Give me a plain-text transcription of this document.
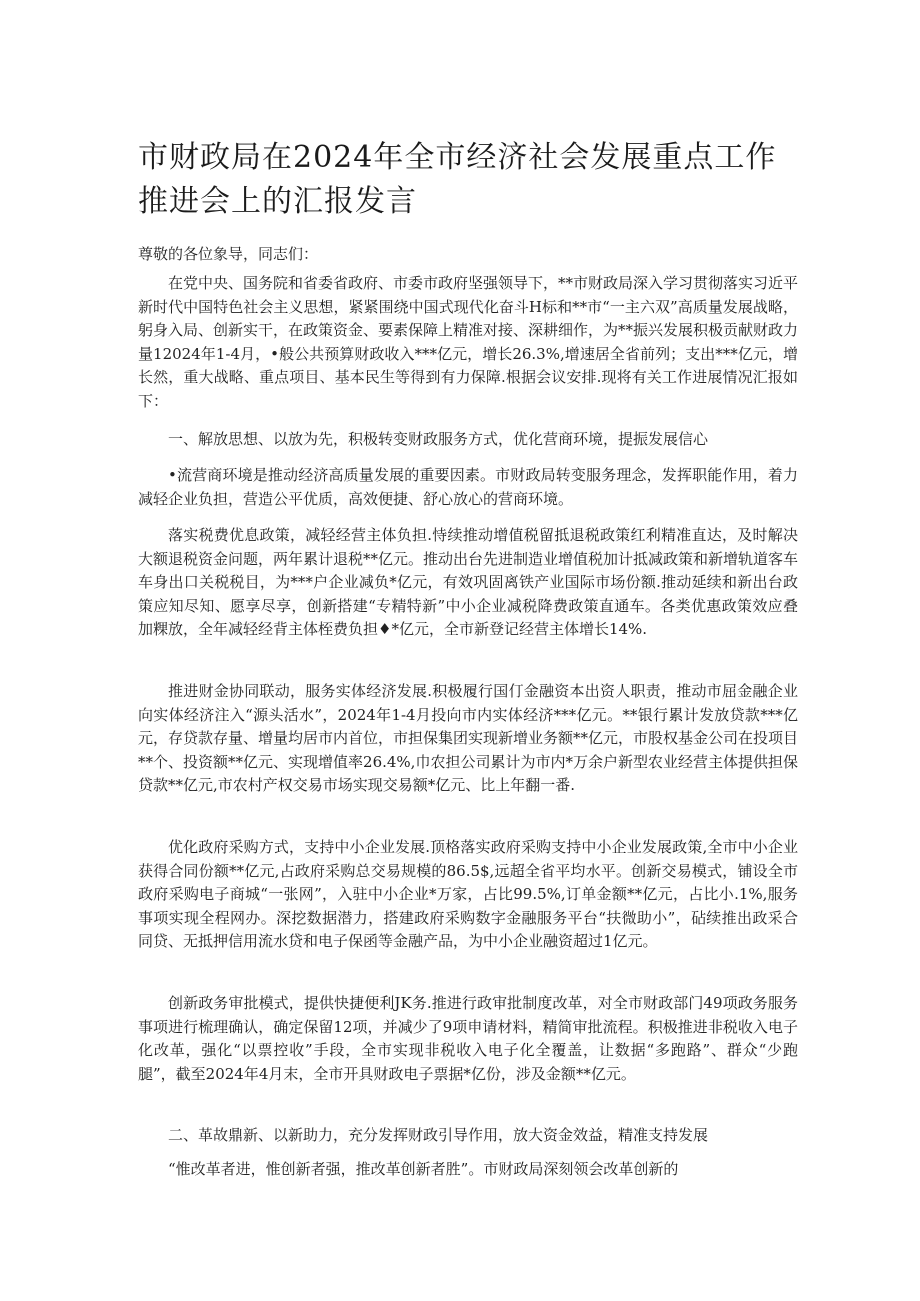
市财政局在2024年全市经济社会发展重点工作推进会上的汇报发言
尊敬的各位象导，同志们：

在党中央、国务院和省委省政府、市委市政府坚强领导下，**市财政局深入学习贯彻落实习近平新时代中国特色社会主义思想，紧紧围绕中国式现代化奋斗H标和**市“一主六双”高质量发展战略，躬身入局、创新实干，在政策资金、要素保障上精准对接、深耕细作，为**振兴发展积极贡献财政力量12024年1-4月，•般公共预算财政收入***亿元，增长26.3%,增速居全省前列；支出***亿元，增长然，重大战略、重点项目、基本民生等得到有力保障.根据会议安排.现将有关工作进展情况汇报如下：

一、解放思想、以放为先，积极转变财政服务方式，优化营商环境，提振发展信心

•流营商环境是推动经济高质量发展的重要因素。市财政局转变服务理念，发挥职能作用，着力减轻企业负担，营造公平优质，高效便捷、舒心放心的营商环境。

落实税费优息政策，减轻经营主体负担.恃续推动增值税留抵退税政策红利精准直达，及时解决大额退税资金问题，两年累计退税**亿元。推动出台先进制造业增值税加计抵减政策和新增轨道客车车身出口关税税目，为***户企业减负*亿元，有效巩固离铁产业国际市场份额.推动延续和新出台政策应知尽知、愿享尽享，创新搭建“专精特新”中小企业减税降费政策直通车。各类优惠政策效应叠加粿放，全年减轻经背主体桎费负担♦*亿元，全市新登记经营主体增长14%.

推进财金协同联动，服务实体经济发展.积极履行国仃金融资本出资人职责，推动市屈金融企业向实体经济注入“源头活水”，2024年1-4月投向市内实体经济***亿元。**银行累计发放贷款***亿元，存贷款存量、增量均居市内首位，市担保集团实现新增业务额**亿元，市股权基金公司在投项目**个、投资额**亿元、实现增值率26.4%,巾农担公司累计为市内*万余户新型农业经营主体提供担保贷款**亿元,市农村产权交易市场实现交易额*亿元、比上年翻一番.

优化政府采购方式，支持中小企业发展.顶格落实政府采购支持中小企业发展政策,全市中小企业获得合同份额**亿元,占政府采购总交易规模的86.5$,远超全省平均水平。创新交易模式，铺设全市政府采购电子商城“一张网”，入驻中小企业*万家，占比99.5%,订单金额**亿元，占比小.1%,服务事项实现全程网办。深挖数据潜力，搭建政府采购数字金融服务平台“扶微助小”，砧续推出政采合同贷、无抵押信用流水贷和电子保函等金融产品，为中小企业融资超过1亿元。

创新政务审批模式，提供快捷便利JK务.推进行政审批制度改革，对全市财政部门49项政务服务事项进行梳理确认，确定保留12项，并减少了9项申请材料，精简审批流程。积极推进非税收入电子化改革，强化“以票控收”手段，全市实现非税收入电子化全覆盖，让数据“多跑路”、群众“少跑腿”，截至2024年4月末，全市开具财政电子票据*亿份，涉及金额**亿元。

二、革故鼎新、以新助力，充分发挥财政引导作用，放大资金效益，精准支持发展

“惟改革者进，惟创新者强，推改革创新者胜”。市财政局深刻领会改革创新的
